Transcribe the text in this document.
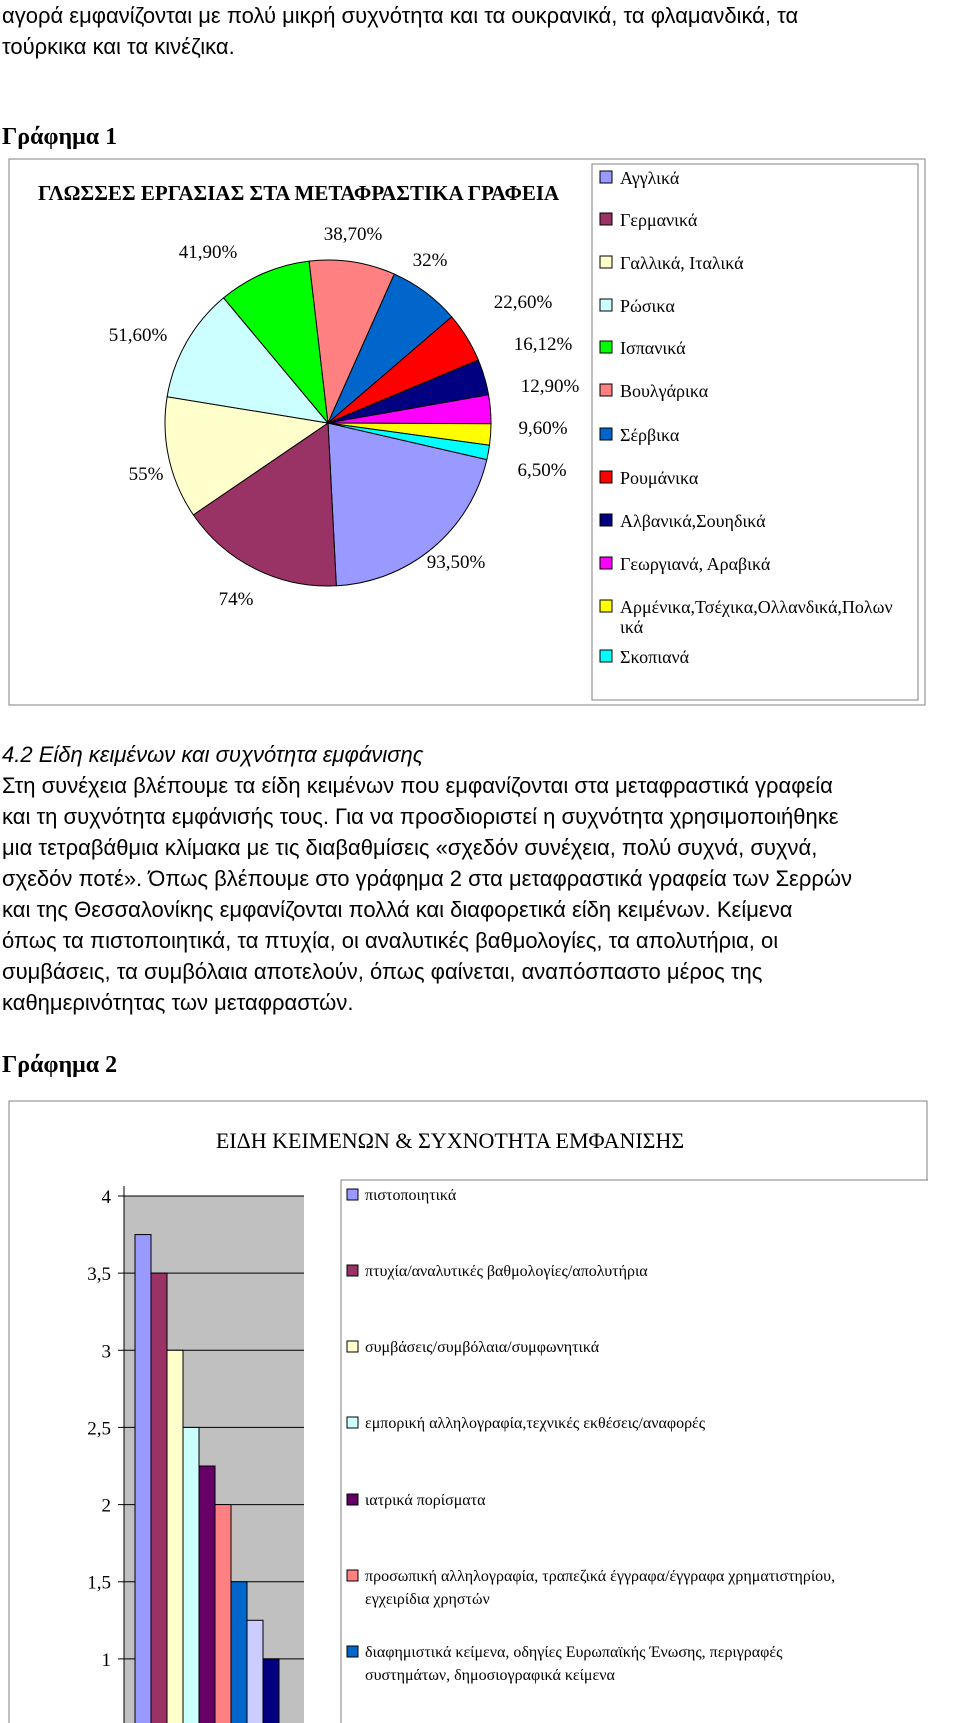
αγορά εμφανίζονται με πολύ μικρή συχνότητα και τα ουκρανικά, τα φλαμανδικά, τα
τούρκικα και τα κινέζικα.
Γράφημα 1
ΓΛΩΣΣΕΣ ΕΡΓΑΣΙΑΣ ΣΤΑ ΜΕΤΑΦΡΑΣΤΙΚΑ ΓΡΑΦΕΙΑ
93,50%
74%
55%
51,60%
41,90%
38,70%
32%
22,60%
16,12%
12,90%
9,60%
6,50%
Αγγλικά
Γερμανικά
Γαλλικά, Ιταλικά
Ρώσικα
Ισπανικά
Βουλγάρικα
Σέρβικα
Ρουμάνικα
Αλβανικά,Σουηδικά
Γεωργιανά, Αραβικά
Αρμένικα,Τσέχικα,Ολλανδικά,Πολων ικά
Σκοπιανά
4.2 Είδη κειμένων και συχνότητα εμφάνισης
Στη συνέχεια βλέπουμε τα είδη κειμένων που εμφανίζονται στα μεταφραστικά γραφεία
και τη συχνότητα εμφάνισής τους. Για να προσδιοριστεί η συχνότητα χρησιμοποιήθηκε
μια τετραβάθμια κλίμακα με τις διαβαθμίσεις «σχεδόν συνέχεια, πολύ συχνά, συχνά,
σχεδόν ποτέ». Όπως βλέπουμε στο γράφημα 2 στα μεταφραστικά γραφεία των Σερρών
και της Θεσσαλονίκης εμφανίζονται πολλά και διαφορετικά είδη κειμένων. Κείμενα
όπως τα πιστοποιητικά, τα πτυχία, οι αναλυτικές βαθμολογίες, τα απολυτήρια, οι
συμβάσεις, τα συμβόλαια αποτελούν, όπως φαίνεται, αναπόσπαστο μέρος της
καθημερινότητας των μεταφραστών.
Γράφημα 2
ΕΙΔΗ ΚΕΙΜΕΝΩΝ & ΣΥΧΝΟΤΗΤΑ ΕΜΦΑΝΙΣΗΣ
4
3,5
3
2,5
2
1,5
1
πιστοποιητικά
πτυχία/αναλυτικές βαθμολογίες/απολυτήρια
συμβάσεις/συμβόλαια/συμφωνητικά
εμπορική αλληλογραφία,τεχνικές εκθέσεις/αναφορές
ιατρικά πορίσματα
προσωπική αλληλογραφία, τραπεζικά έγγραφα/έγγραφα χρηματιστηρίου, εγχειρίδια χρηστών
διαφημιστικά κείμενα, οδηγίες Ευρωπαϊκής Ένωσης, περιγραφές συστημάτων, δημοσιογραφικά κείμενα
